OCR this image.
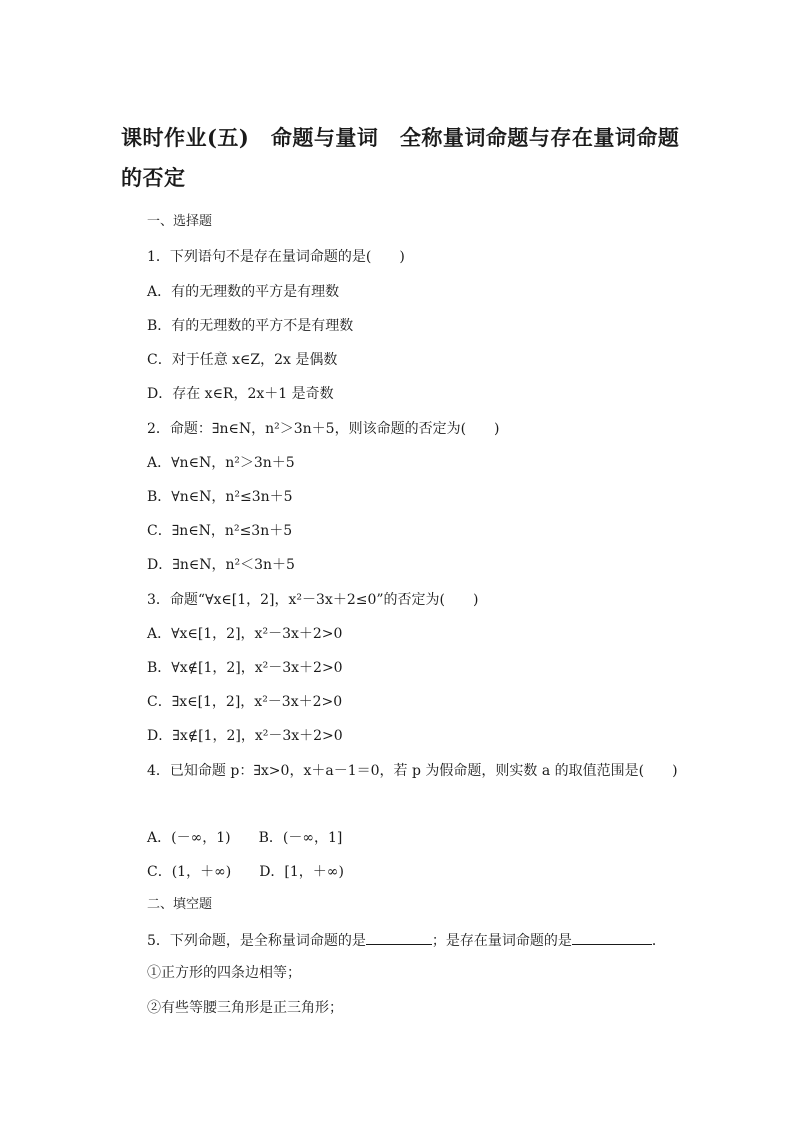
课时作业(五)　命题与量词　全称量词命题与存在量词命题
的否定
一、选择题
1．下列语句不是存在量词命题的是(　　)
A．有的无理数的平方是有理数
B．有的无理数的平方不是有理数
C．对于任意 x∈Z，2x 是偶数
D．存在 x∈R，2x＋1 是奇数
2．命题：∃n∈N，n²＞3n＋5，则该命题的否定为(　　)
A．∀n∈N，n²＞3n＋5
B．∀n∈N，n²≤3n＋5
C．∃n∈N，n²≤3n＋5
D．∃n∈N，n²＜3n＋5
3．命题“∀x∈[1，2]，x²－3x＋2≤0”的否定为(　　)
A．∀x∈[1，2]，x²－3x＋2>0
B．∀x∉[1，2]，x²－3x＋2>0
C．∃x∈[1，2]，x²－3x＋2>0
D．∃x∉[1，2]，x²－3x＋2>0
4．已知命题 p：∃x>0，x＋a－1＝0，若 p 为假命题，则实数 a 的取值范围是(　　)
A．(－∞，1)　　B．(－∞，1]
C．(1，＋∞)　　D．[1，＋∞)
二、填空题
5．下列命题，是全称量词命题的是	；是存在量词命题的是	．
①正方形的四条边相等；
②有些等腰三角形是正三角形；
